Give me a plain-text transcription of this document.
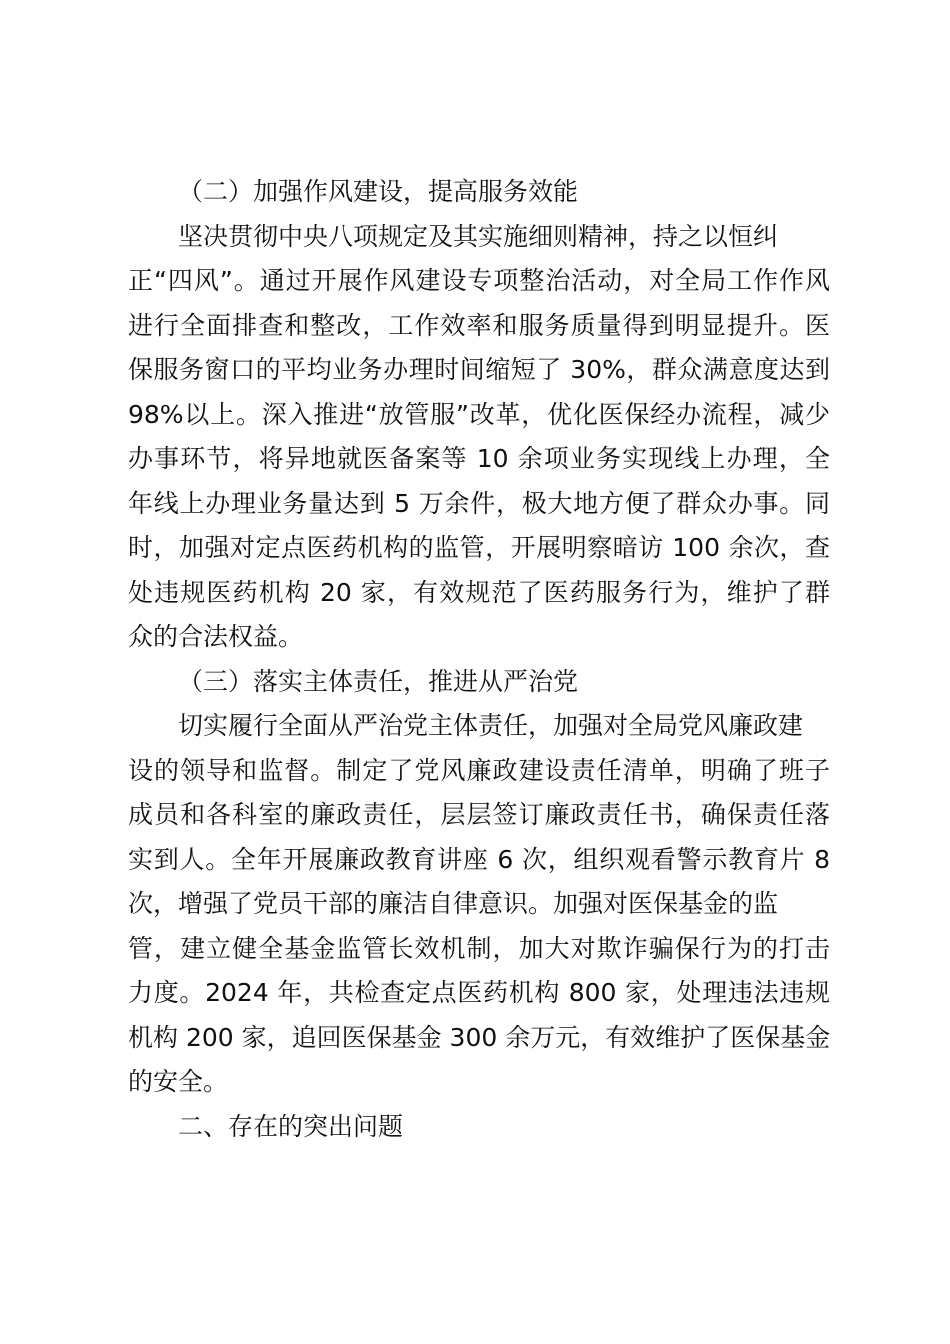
（二）加强作风建设，提高服务效能
坚决贯彻中央八项规定及其实施细则精神，持之以恒纠
正“四风”。通过开展作风建设专项整治活动，对全局工作作风
进行全面排查和整改，工作效率和服务质量得到明显提升。医
保服务窗口的平均业务办理时间缩短了 30%，群众满意度达到
98%以上。深入推进“放管服”改革，优化医保经办流程，减少
办事环节，将异地就医备案等 10 余项业务实现线上办理，全
年线上办理业务量达到 5 万余件，极大地方便了群众办事。同
时，加强对定点医药机构的监管，开展明察暗访 100 余次，查
处违规医药机构 20 家，有效规范了医药服务行为，维护了群
众的合法权益。
（三）落实主体责任，推进从严治党
切实履行全面从严治党主体责任，加强对全局党风廉政建
设的领导和监督。制定了党风廉政建设责任清单，明确了班子
成员和各科室的廉政责任，层层签订廉政责任书，确保责任落
实到人。全年开展廉政教育讲座 6 次，组织观看警示教育片 8
次，增强了党员干部的廉洁自律意识。加强对医保基金的监
管，建立健全基金监管长效机制，加大对欺诈骗保行为的打击
力度。2024 年，共检查定点医药机构 800 家，处理违法违规
机构 200 家，追回医保基金 300 余万元，有效维护了医保基金
的安全。
二、存在的突出问题
